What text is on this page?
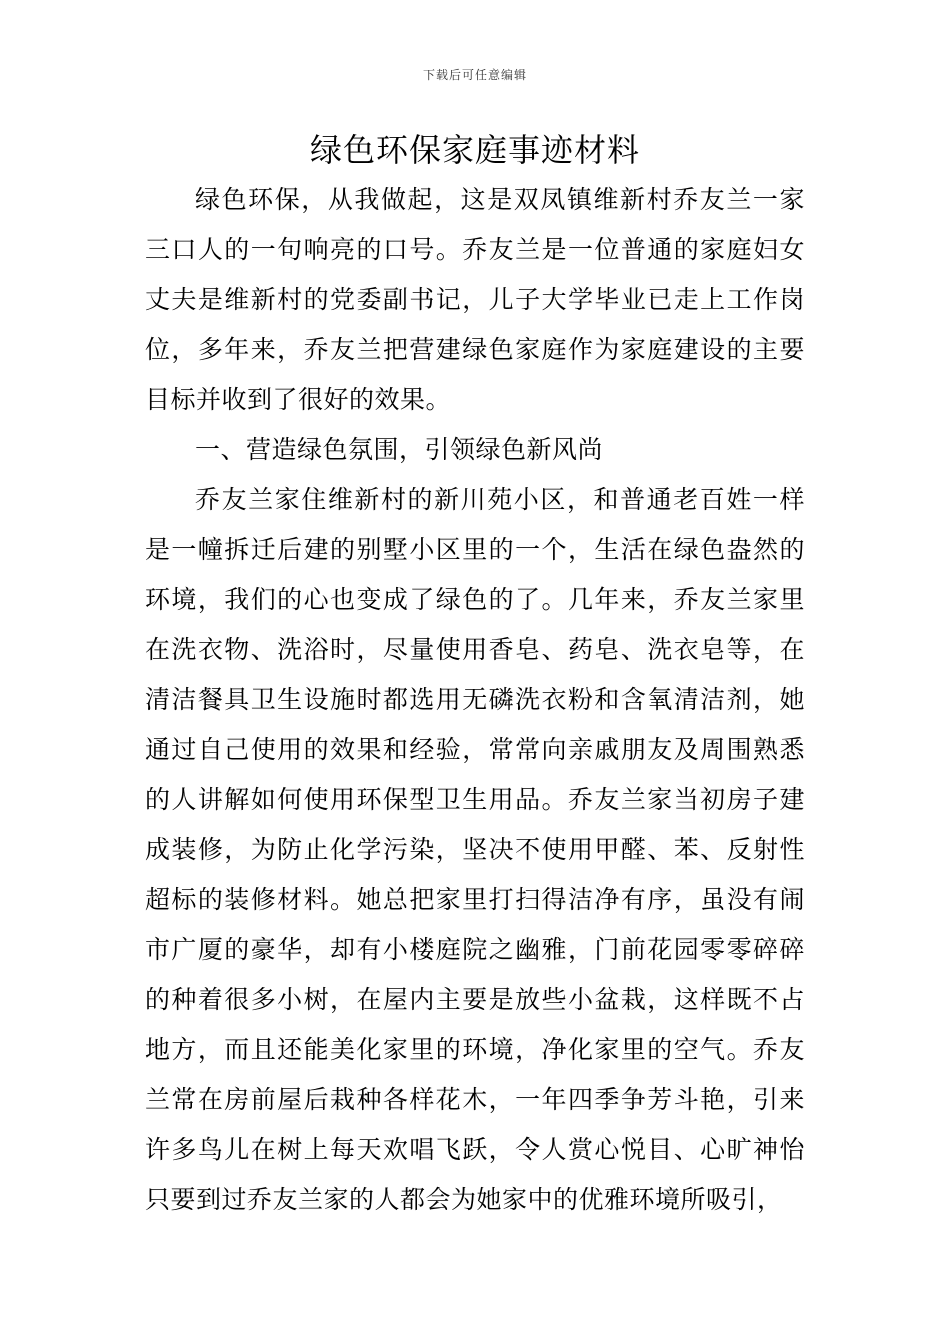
下载后可任意编辑
绿色环保家庭事迹材料

绿色环保，从我做起，这是双凤镇维新村乔友兰一家三口人的一句响亮的口号。乔友兰是一位普通的家庭妇女丈夫是维新村的党委副书记，儿子大学毕业已走上工作岗位，多年来，乔友兰把营建绿色家庭作为家庭建设的主要目标并收到了很好的效果。

一、营造绿色氛围，引领绿色新风尚

乔友兰家住维新村的新川苑小区，和普通老百姓一样是一幢拆迁后建的别墅小区里的一个，生活在绿色盎然的环境，我们的心也变成了绿色的了。几年来，乔友兰家里在洗衣物、洗浴时，尽量使用香皂、药皂、洗衣皂等，在清洁餐具卫生设施时都选用无磷洗衣粉和含氧清洁剂，她通过自己使用的效果和经验，常常向亲戚朋友及周围熟悉的人讲解如何使用环保型卫生用品。乔友兰家当初房子建成装修，为防止化学污染，坚决不使用甲醛、苯、反射性超标的装修材料。她总把家里打扫得洁净有序，虽没有闹市广厦的豪华，却有小楼庭院之幽雅，门前花园零零碎碎的种着很多小树，在屋内主要是放些小盆栽，这样既不占地方，而且还能美化家里的环境，净化家里的空气。乔友兰常在房前屋后栽种各样花木，一年四季争芳斗艳，引来许多鸟儿在树上每天欢唱飞跃，令人赏心悦目、心旷神怡只要到过乔友兰家的人都会为她家中的优雅环境所吸引，
